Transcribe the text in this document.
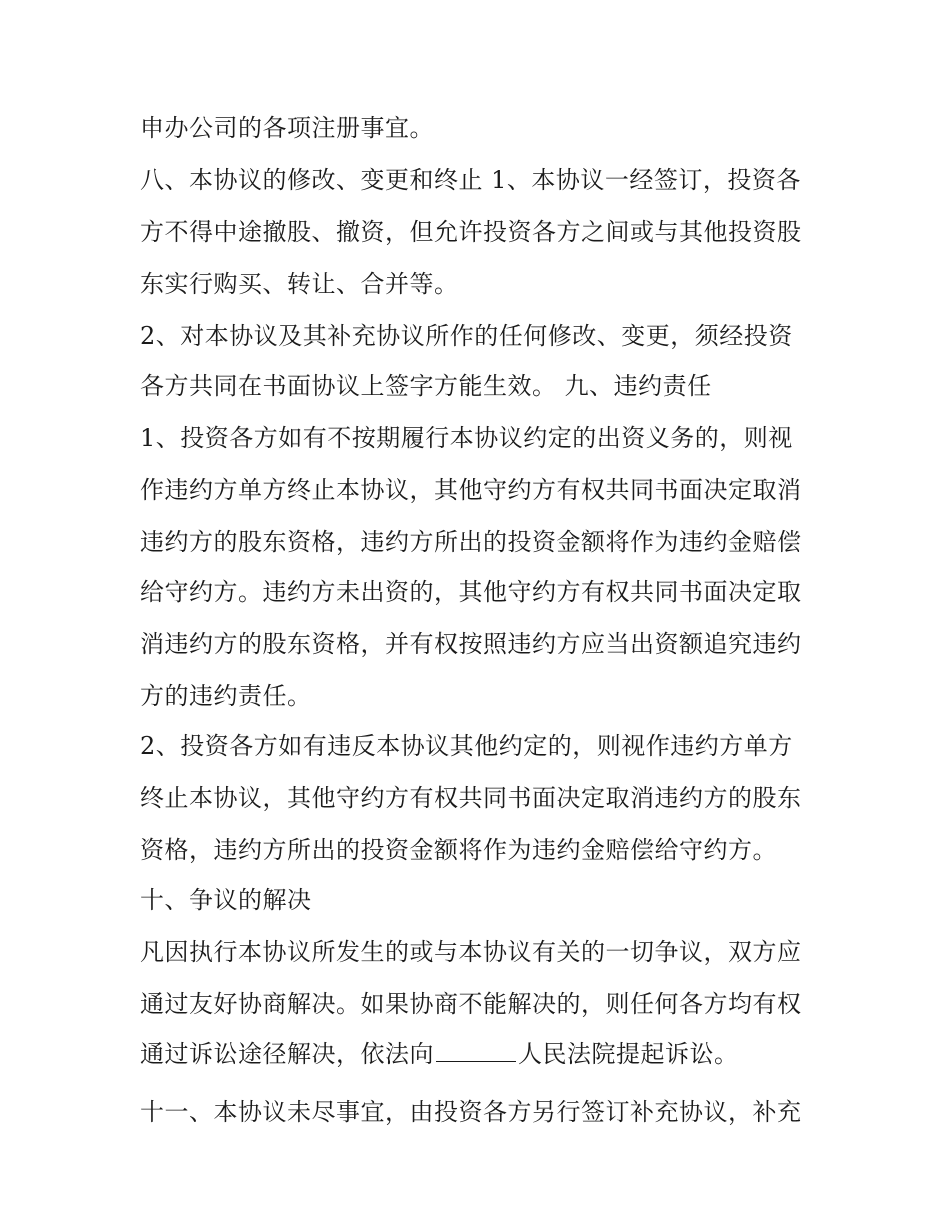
申办公司的各项注册事宜。
八、本协议的修改、变更和终止 1、本协议一经签订，投资各
方不得中途撤股、撤资，但允许投资各方之间或与其他投资股
东实行购买、转让、合并等。
2、对本协议及其补充协议所作的任何修改、变更，须经投资
各方共同在书面协议上签字方能生效。 九、违约责任
1、投资各方如有不按期履行本协议约定的出资义务的，则视
作违约方单方终止本协议，其他守约方有权共同书面决定取消
违约方的股东资格，违约方所出的投资金额将作为违约金赔偿
给守约方。违约方未出资的，其他守约方有权共同书面决定取
消违约方的股东资格，并有权按照违约方应当出资额追究违约
方的违约责任。
2、投资各方如有违反本协议其他约定的，则视作违约方单方
终止本协议，其他守约方有权共同书面决定取消违约方的股东
资格，违约方所出的投资金额将作为违约金赔偿给守约方。
十、争议的解决
凡因执行本协议所发生的或与本协议有关的一切争议，双方应
通过友好协商解决。如果协商不能解决的，则任何各方均有权
通过诉讼途径解决，依法向	人民法院提起诉讼。
十一、本协议未尽事宜，由投资各方另行签订补充协议，补充
